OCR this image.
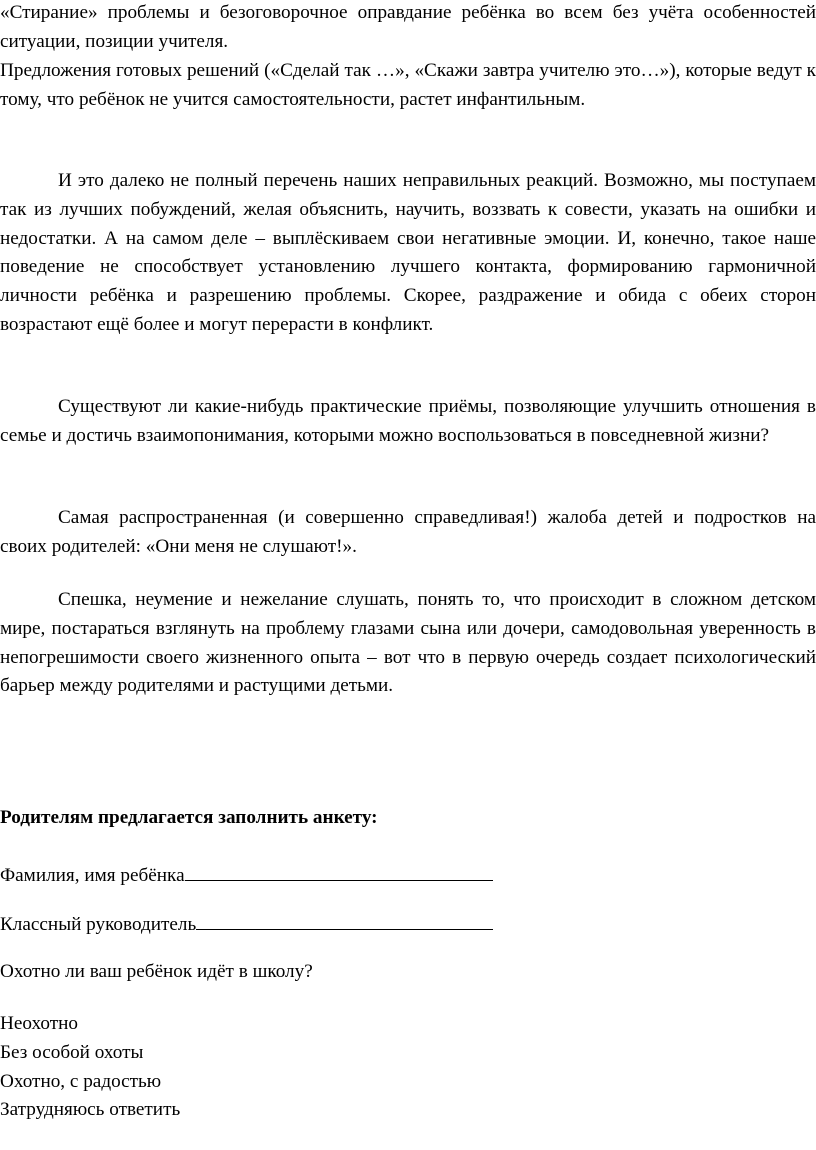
«Стирание» проблемы и безоговорочное оправдание ребёнка во всем без учёта особенностей ситуации, позиции учителя.

Предложения готовых решений («Сделай так …», «Скажи завтра учителю это…»), которые ведут к тому, что ребёнок не учится самостоятельности, растет инфантильным.

И это далеко не полный перечень наших неправильных реакций. Возможно, мы поступаем так из лучших побуждений, желая объяснить, научить, воззвать к совести, указать на ошибки и недостатки. А на самом деле – выплёскиваем свои негативные эмоции. И, конечно, такое наше поведение не способствует установлению лучшего контакта, формированию гармоничной личности ребёнка и разрешению проблемы. Скорее, раздражение и обида с обеих сторон возрастают ещё более и могут перерасти в конфликт.

Существуют ли какие-нибудь практические приёмы, позволяющие улучшить отношения в семье и достичь взаимопонимания, которыми можно воспользоваться в повседневной жизни?

Самая распространенная (и совершенно справедливая!) жалоба детей и подростков на своих родителей: «Они меня не слушают!».

Спешка, неумение и нежелание слушать, понять то, что происходит в сложном детском мире, постараться взглянуть на проблему глазами сына или дочери, самодовольная уверенность в непогрешимости своего жизненного опыта – вот что в первую очередь создает психологический барьер между родителями и растущими детьми.

Родителям предлагается заполнить анкету:
Фамилия, имя ребёнка
Классный руководитель
Охотно ли ваш ребёнок идёт в школу?
Неохотно
Без особой охоты
Охотно, с радостью
Затрудняюсь ответить
